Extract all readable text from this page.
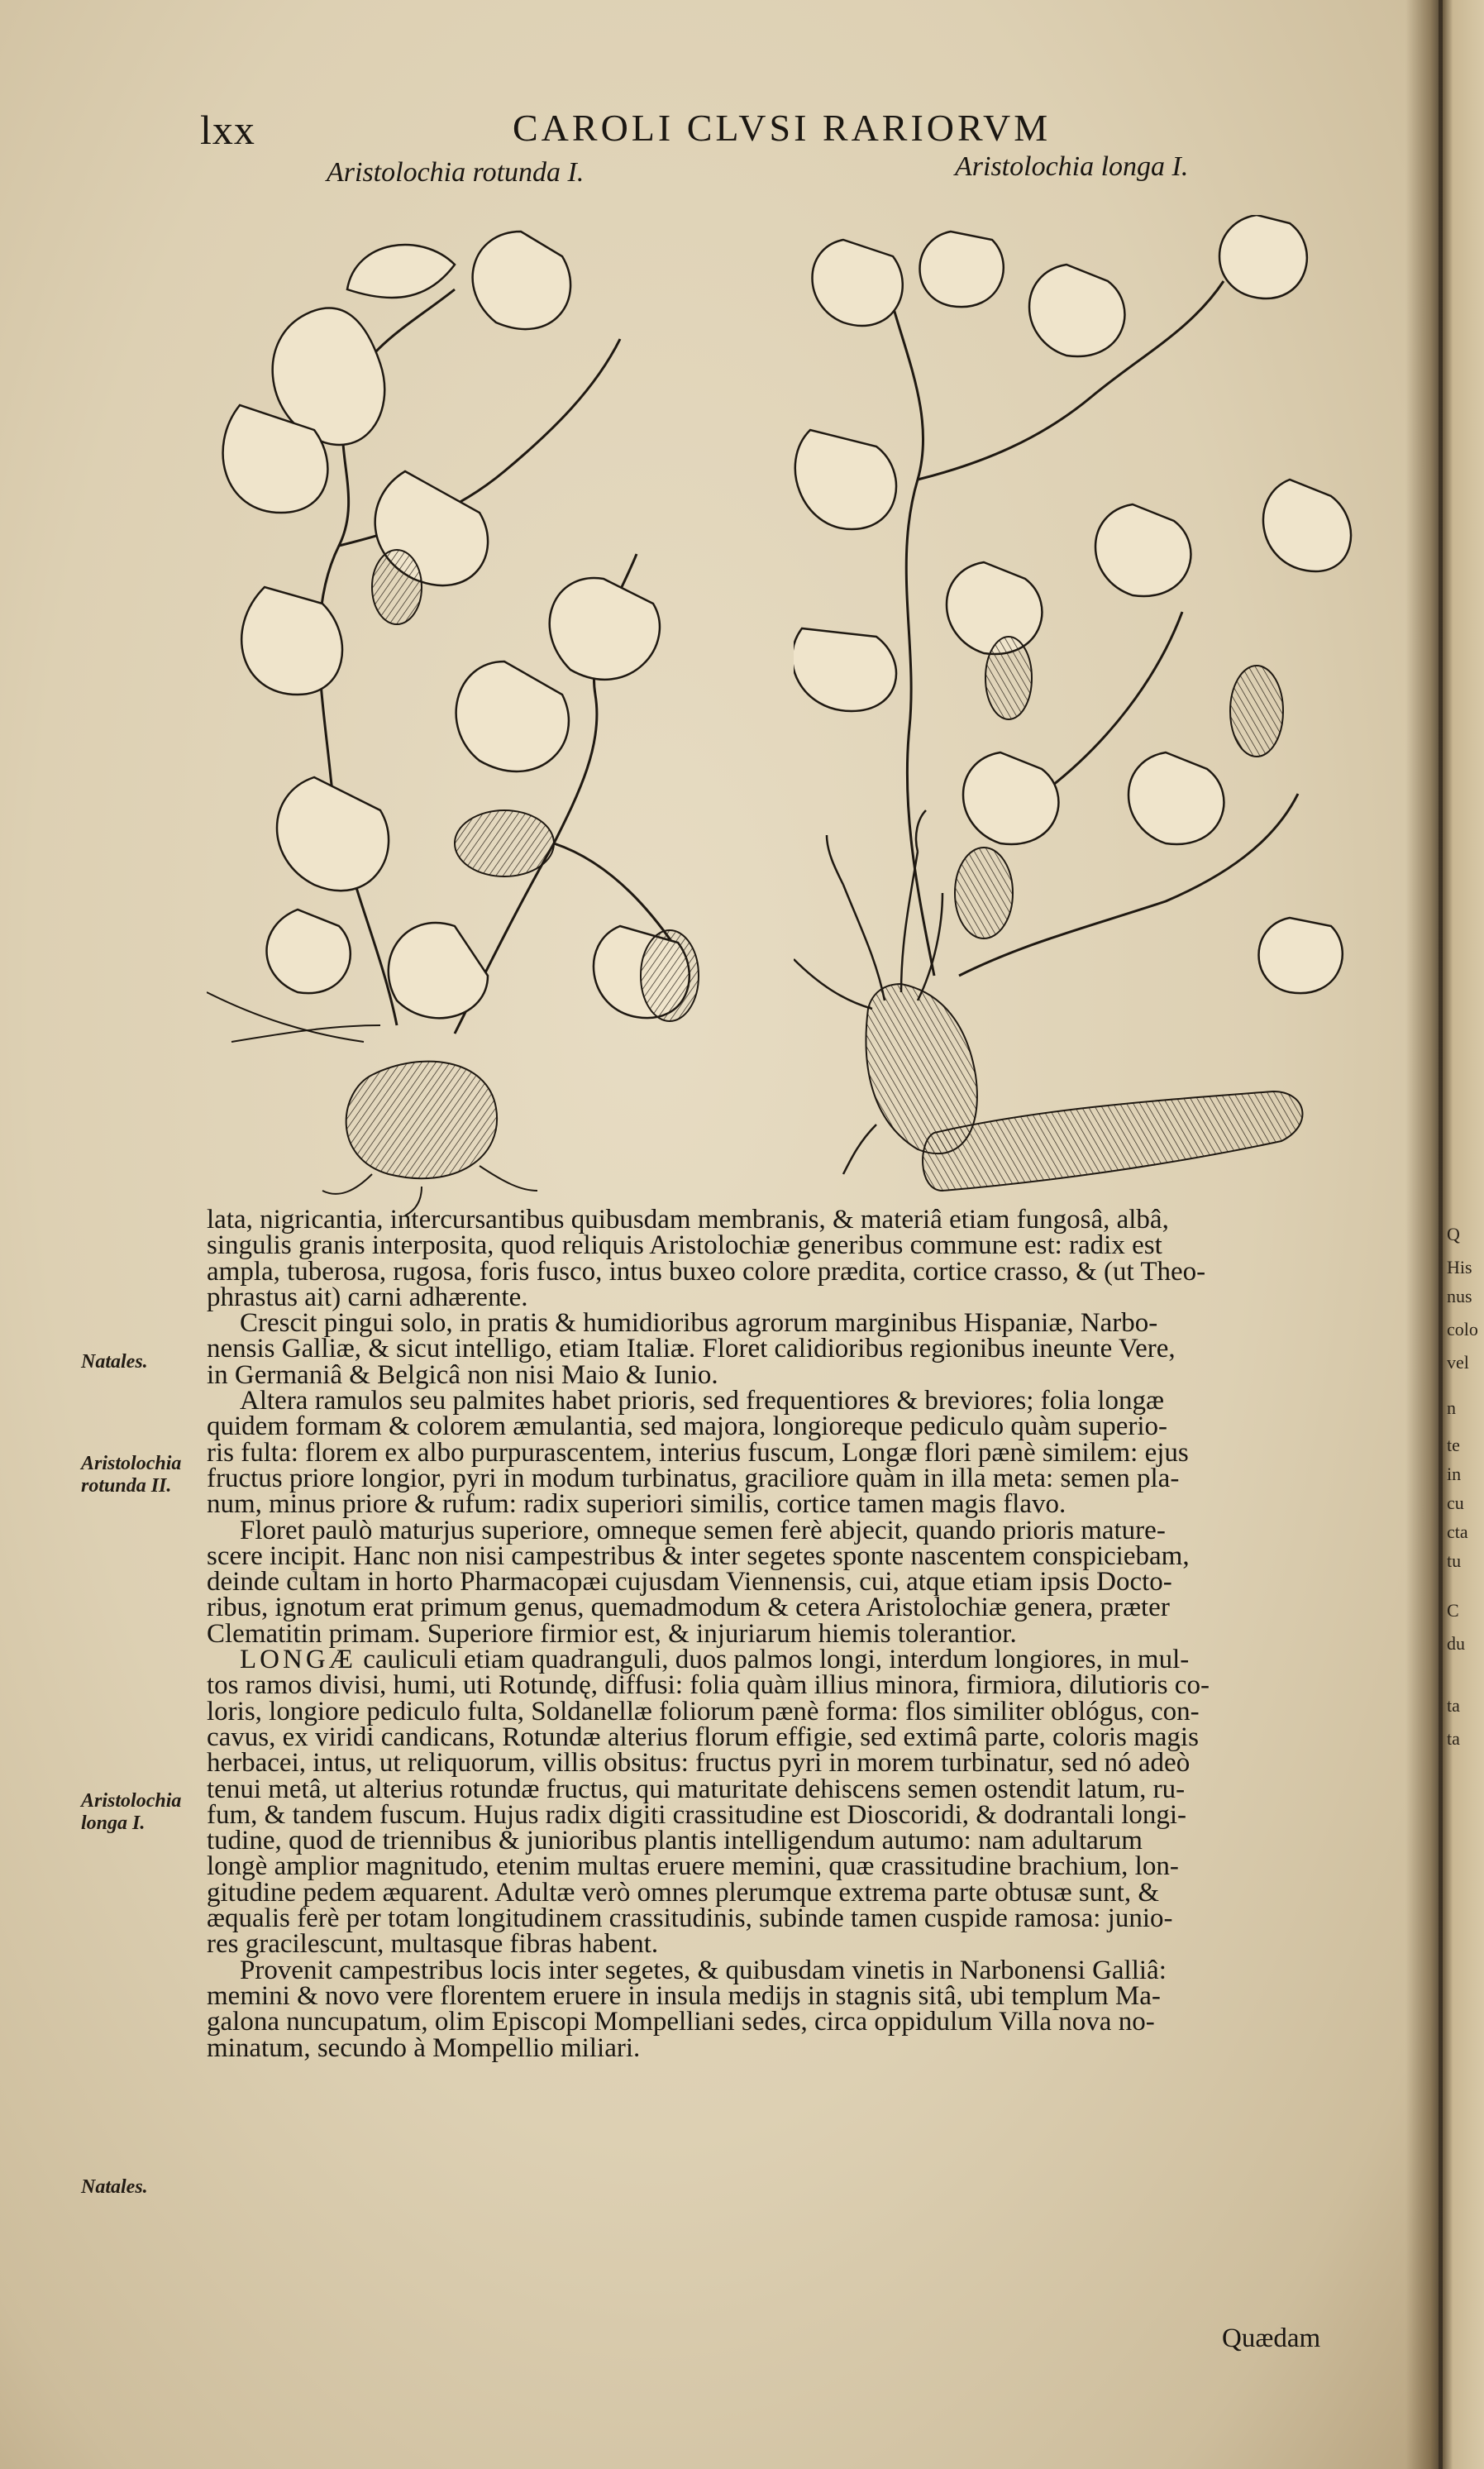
lxx	CAROLI CLVSI RARIORVM
Aristolochia rotunda I.	Aristolochia longa I.
Natales.
Aristolochia rotunda II.
Aristolochia longa I.
Natales.

lata, nigricantia, intercursantibus quibusdam membranis, & materiâ etiam fungosâ, albâ,
singulis granis interposita, quod reliquis Aristolochiæ generibus commune est: radix est
ampla, tuberosa, rugosa, foris fusco, intus buxeo colore prædita, cortice crasso, & (ut Theo-
phrastus ait) carni adhærente.

Crescit pingui solo, in pratis & humidioribus agrorum marginibus Hispaniæ, Narbo-
nensis Galliæ, & sicut intelligo, etiam Italiæ. Floret calidioribus regionibus ineunte Vere,
in Germaniâ & Belgicâ non nisi Maio & Iunio.

Altera ramulos seu palmites habet prioris, sed frequentiores & breviores; folia longæ
quidem formam & colorem æmulantia, sed majora, longioreque pediculo quàm superio-
ris fulta: florem ex albo purpurascentem, interius fuscum, Longæ flori pænè similem: ejus
fructus priore longior, pyri in modum turbinatus, graciliore quàm in illa meta: semen pla-
num, minus priore & rufum: radix superiori similis, cortice tamen magis flavo.

Floret paulò maturjus superiore, omneque semen ferè abjecit, quando prioris mature-
scere incipit. Hanc non nisi campestribus & inter segetes sponte nascentem conspiciebam,
deinde cultam in horto Pharmacopæi cujusdam Viennensis, cui, atque etiam ipsis Docto-
ribus, ignotum erat primum genus, quemadmodum & cetera Aristolochiæ genera, præter
Clematitin primam. Superiore firmior est, & injuriarum hiemis tolerantior.

LONGÆ cauliculi etiam quadranguli, duos palmos longi, interdum longiores, in mul-
tos ramos divisi, humi, uti Rotundę, diffusi: folia quàm illius minora, firmiora, dilutioris co-
loris, longiore pediculo fulta, Soldanellæ foliorum pænè forma: flos similiter oblógus, con-
cavus, ex viridi candicans, Rotundæ alterius florum effigie, sed extimâ parte, coloris magis
herbacei, intus, ut reliquorum, villis obsitus: fructus pyri in morem turbinatur, sed nó adeò
tenui metâ, ut alterius rotundæ fructus, qui maturitate dehiscens semen ostendit latum, ru-
fum, & tandem fuscum. Hujus radix digiti crassitudine est Dioscoridi, & dodrantali longi-
tudine, quod de triennibus & junioribus plantis intelligendum autumo: nam adultarum
longè amplior magnitudo, etenim multas eruere memini, quæ crassitudine brachium, lon-
gitudine pedem æquarent. Adultæ verò omnes plerumque extrema parte obtusæ sunt, &
æqualis ferè per totam longitudinem crassitudinis, subinde tamen cuspide ramosa: junio-
res gracilescunt, multasque fibras habent.

Provenit campestribus locis inter segetes, & quibusdam vinetis in Narbonensi Galliâ:
memini & novo vere florentem eruere in insula medijs in stagnis sitâ, ubi templum Ma-
galona nuncupatum, olim Episcopi Mompelliani sedes, circa oppidulum Villa nova no-
minatum, secundo à Mompellio miliari.

Quædam
Q
His
nus
colo
vel
n
te
in
cu
cta
tu
C
du
ta
ta
